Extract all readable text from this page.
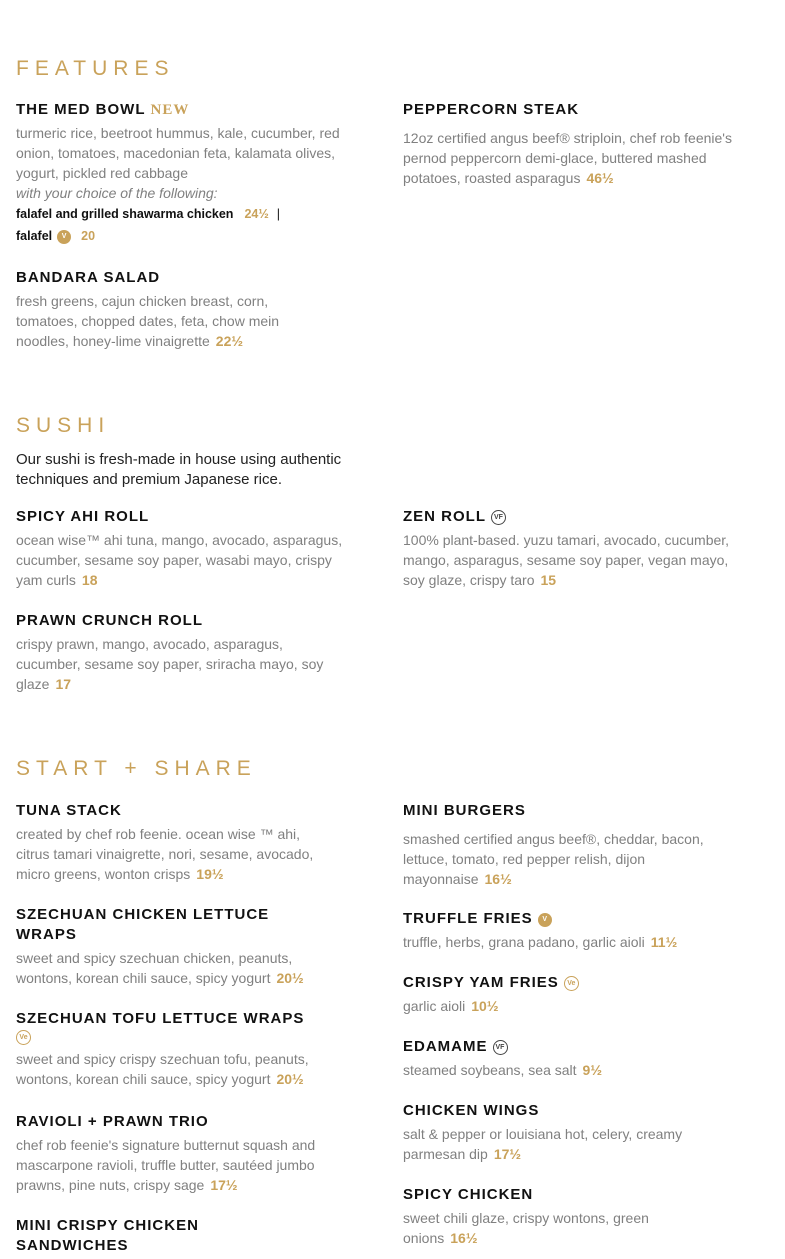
FEATURES

THE MED BOWL NEW

turmeric rice, beetroot hummus, kale, cucumber, red onion, tomatoes, macedonian feta, kalamata olives, yogurt, pickled red cabbage

with your choice of the following:

falafel and grilled shawarma chicken 24½ |

falafel V 20

PEPPERCORN STEAK

12oz certified angus beef® striploin, chef rob feenie's pernod peppercorn demi-glace, buttered mashed potatoes, roasted asparagus 46½

BANDARA SALAD

fresh greens, cajun chicken breast, corn, tomatoes, chopped dates, feta, chow mein noodles, honey-lime vinaigrette 22½

SUSHI

Our sushi is fresh-made in house using authentic techniques and premium Japanese rice.

SPICY AHI ROLL

ocean wise™ ahi tuna, mango, avocado, asparagus, cucumber, sesame soy paper, wasabi mayo, crispy yam curls 18

ZEN ROLL VF

100% plant-based. yuzu tamari, avocado, cucumber, mango, asparagus, sesame soy paper, vegan mayo, soy glaze, crispy taro 15

PRAWN CRUNCH ROLL

crispy prawn, mango, avocado, asparagus, cucumber, sesame soy paper, sriracha mayo, soy glaze 17

START + SHARE

TUNA STACK

created by chef rob feenie. ocean wise ™ ahi, citrus tamari vinaigrette, nori, sesame, avocado, micro greens, wonton crisps 19½

MINI BURGERS

smashed certified angus beef®, cheddar, bacon, lettuce, tomato, red pepper relish, dijon mayonnaise 16½

SZECHUAN CHICKEN LETTUCE WRAPS

sweet and spicy szechuan chicken, peanuts, wontons, korean chili sauce, spicy yogurt 20½

TRUFFLE FRIES V

truffle, herbs, grana padano, garlic aioli 11½

CRISPY YAM FRIES Ve

garlic aioli 10½

SZECHUAN TOFU LETTUCE WRAPS

Ve

sweet and spicy crispy szechuan tofu, peanuts, wontons, korean chili sauce, spicy yogurt 20½

EDAMAME VF

steamed soybeans, sea salt 9½

RAVIOLI + PRAWN TRIO

chef rob feenie's signature butternut squash and mascarpone ravioli, truffle butter, sautéed jumbo prawns, pine nuts, crispy sage 17½

CHICKEN WINGS

salt & pepper or louisiana hot, celery, creamy parmesan dip 17½

MINI CRISPY CHICKEN SANDWICHES

SPICY CHICKEN

sweet chili glaze, crispy wontons, green onions 16½
